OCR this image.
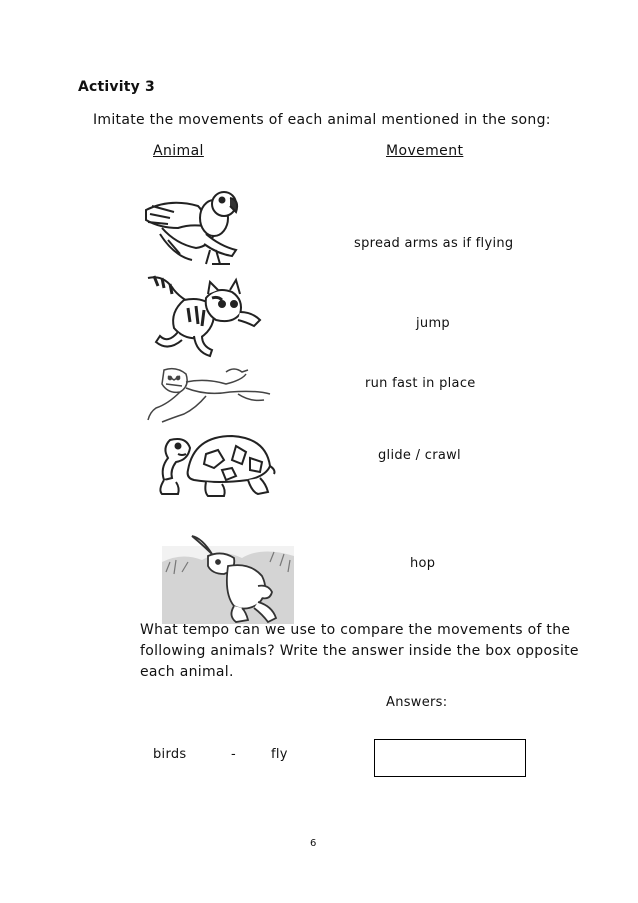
Activity 3
Imitate the movements of each animal mentioned in the song:
Animal	Movement
spread arms as if flying
jump
run fast in place
glide / crawl
hop
What tempo can we use to compare the movements of the following animals? Write the answer inside the box opposite each animal.
Answers:
birds	-	fly
6
